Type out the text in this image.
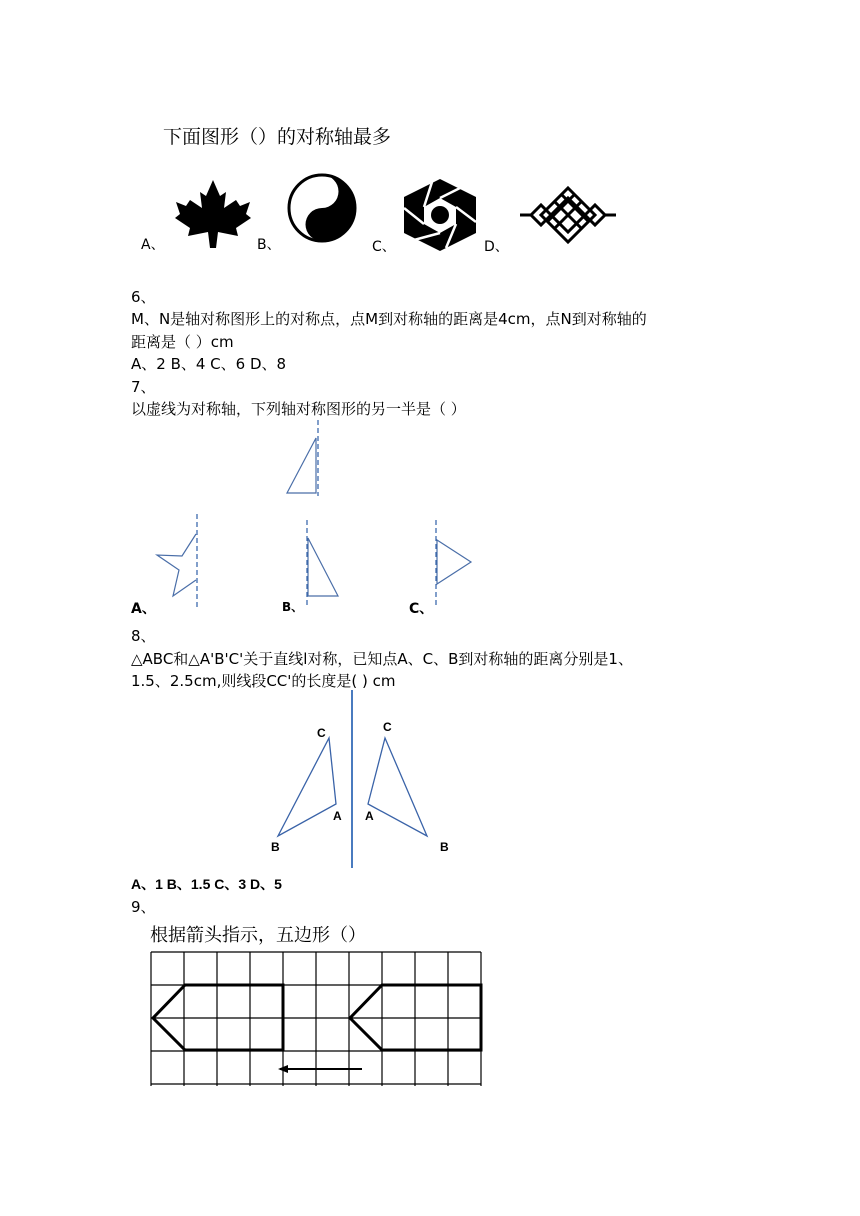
下面图形（）的对称轴最多
A、	B、	C、	D、
6、
M、N是轴对称图形上的对称点，点M到对称轴的距离是4cm，点N到对称轴的
距离是（ ）cm
A、2 B、4 C、6 D、8
7、
以虚线为对称轴，下列轴对称图形的另一半是（ ）
A、	B、	C、
8、
△ABC和△A'B'C'关于直线l对称，已知点A、C、B到对称轴的距离分别是1、
1.5、2.5cm,则线段CC'的长度是( ) cm
C
A
B
C
A
B
A、1 B、1.5 C、3 D、5
9、
根据箭头指示，五边形（）
